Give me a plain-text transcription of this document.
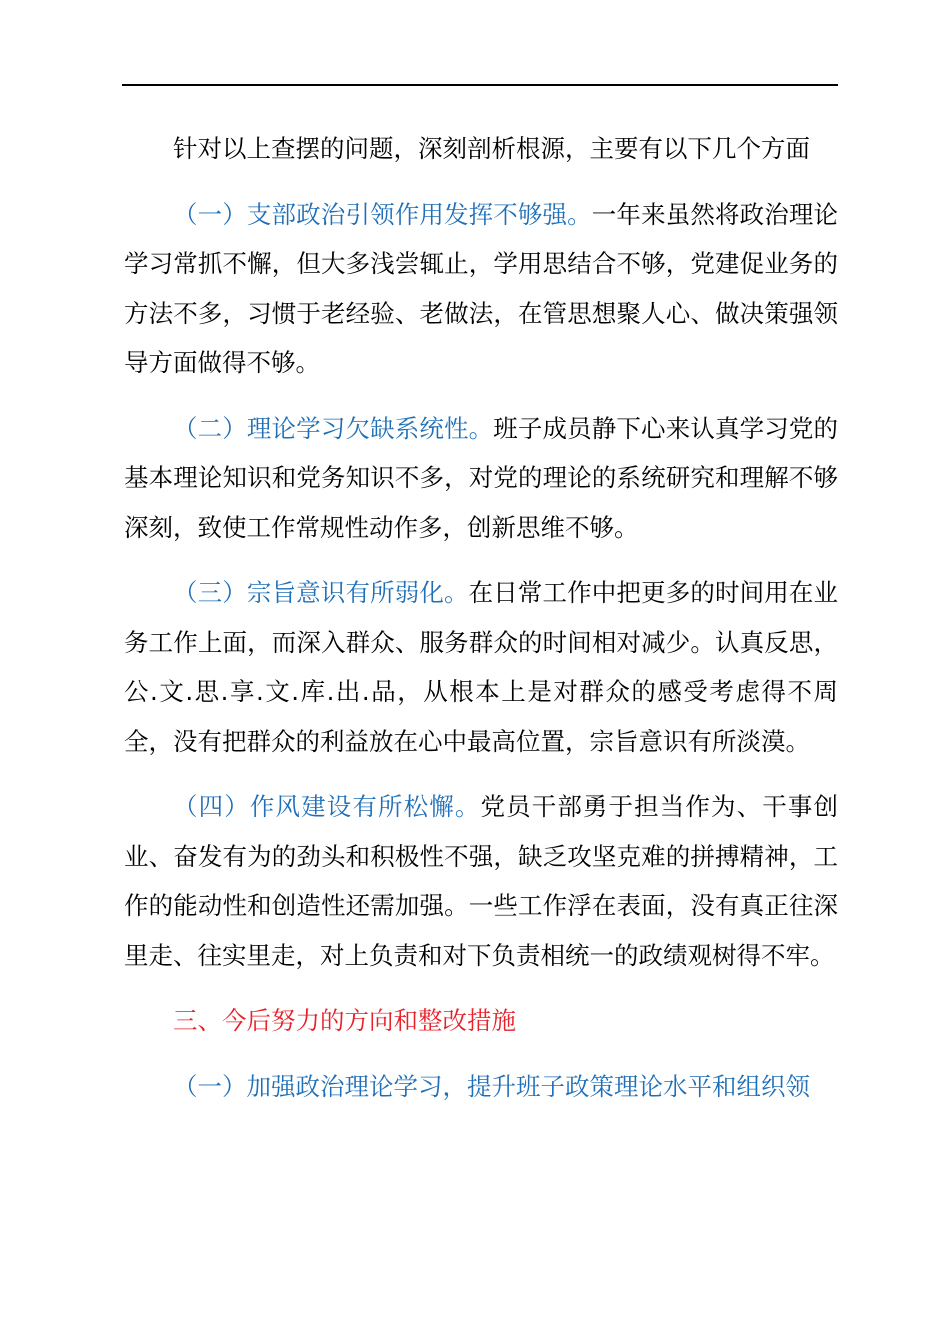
针对以上查摆的问题，深刻剖析根源，主要有以下几个方面

（一）支部政治引领作用发挥不够强。一年来虽然将政治理论学习常抓不懈，但大多浅尝辄止，学用思结合不够，党建促业务的方法不多，习惯于老经验、老做法，在管思想聚人心、做决策强领导方面做得不够。

（二）理论学习欠缺系统性。班子成员静下心来认真学习党的基本理论知识和党务知识不多，对党的理论的系统研究和理解不够深刻，致使工作常规性动作多，创新思维不够。

（三）宗旨意识有所弱化。在日常工作中把更多的时间用在业务工作上面，而深入群众、服务群众的时间相对减少。认真反思，公.文.思.享.文.库.出.品，从根本上是对群众的感受考虑得不周全，没有把群众的利益放在心中最高位置，宗旨意识有所淡漠。

（四）作风建设有所松懈。党员干部勇于担当作为、干事创业、奋发有为的劲头和积极性不强，缺乏攻坚克难的拼搏精神，工作的能动性和创造性还需加强。一些工作浮在表面，没有真正往深里走、往实里走，对上负责和对下负责相统一的政绩观树得不牢。

三、今后努力的方向和整改措施

（一）加强政治理论学习，提升班子政策理论水平和组织领
